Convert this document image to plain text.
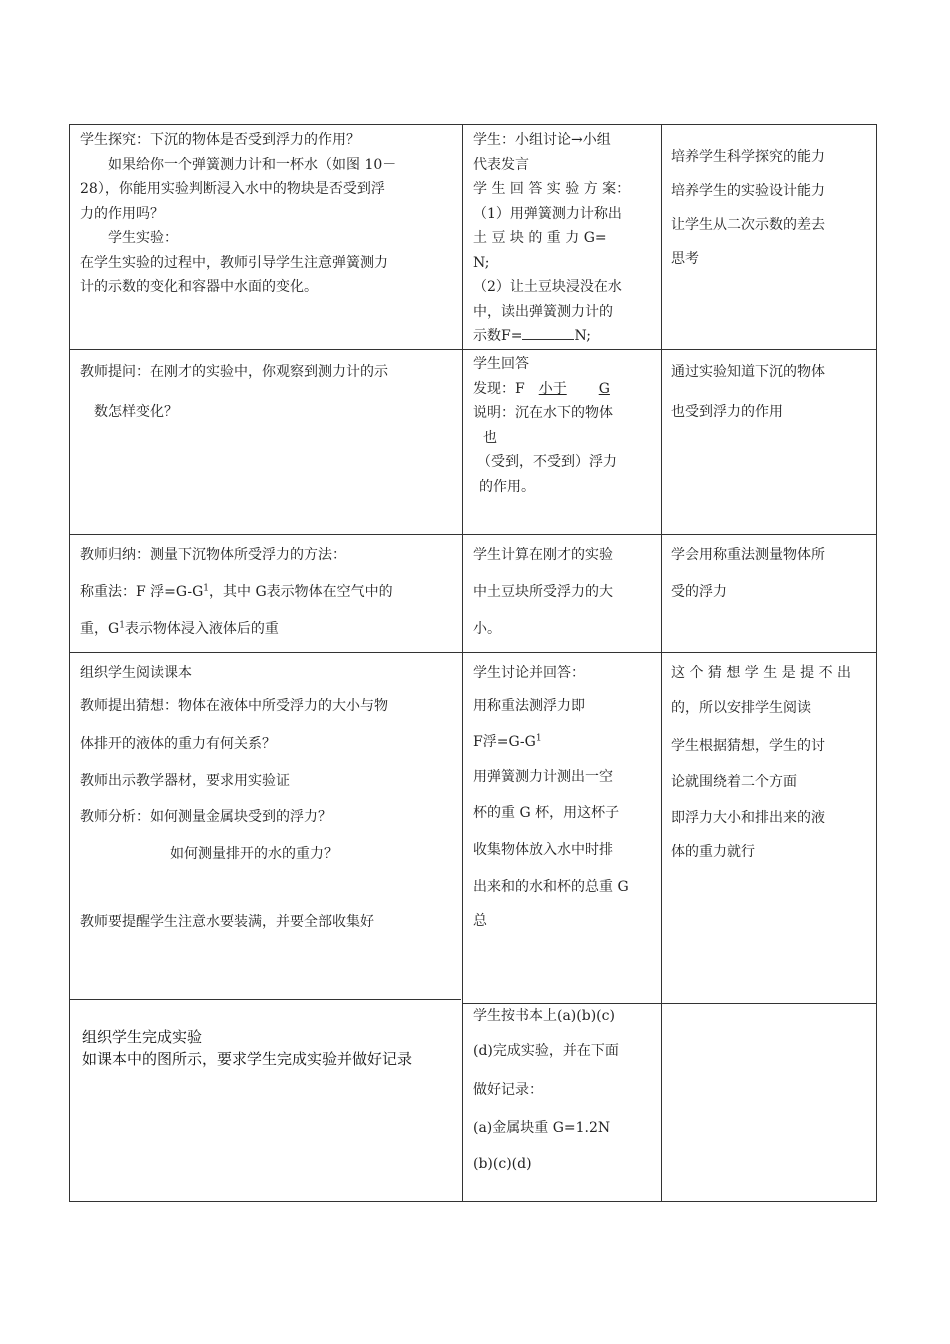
学生探究：下沉的物体是否受到浮力的作用？

如果给你一个弹簧测力计和一杯水（如图 10－

28），你能用实验判断浸入水中的物块是否受到浮

力的作用吗？

学生实验：

在学生实验的过程中，教师引导学生注意弹簧测力

计的示数的变化和容器中水面的变化。

学生：小组讨论→小组

代表发言

学 生 回 答 实 验 方 案：

（1）用弹簧测力计称出

土 豆 块 的 重 力 G=

N;

（2）让土豆块浸没在水

中，读出弹簧测力计的

示数F=	N;

培养学生科学探究的能力

培养学生的实验设计能力

让学生从二次示数的差去

思考

教师提问：在刚才的实验中，你观察到测力计的示

数怎样变化？

学生回答

发现：F 小于 G

说明：沉在水下的物体

也

（受到，不受到）浮力

的作用。

通过实验知道下沉的物体

也受到浮力的作用

教师归纳：测量下沉物体所受浮力的方法：

称重法：F 浮$=G-G^1$，其中 G表示物体在空气中的

重，$G^1$表示物体浸入液体后的重

学生计算在刚才的实验

中土豆块所受浮力的大

小。

学会用称重法测量物体所

受的浮力

组织学生阅读课本

教师提出猜想：物体在液体中所受浮力的大小与物

体排开的液体的重力有何关系？

教师出示教学器材，要求用实验证

教师分析：如何测量金属块受到的浮力？

如何测量排开的水的重力？

教师要提醒学生注意水要装满，并要全部收集好

学生讨论并回答：

用称重法测浮力即

F浮$=G-G^1$

用弹簧测力计测出一空

杯的重 G 杯，用这杯子

收集物体放入水中时排

出来和的水和杯的总重 G

总

这 个 猜 想 学 生 是 提 不 出

的，所以安排学生阅读

学生根据猜想，学生的讨

论就围绕着二个方面

即浮力大小和排出来的液

体的重力就行

组织学生完成实验

如课本中的图所示，要求学生完成实验并做好记录

学生按书本上(a)(b)(c)

(d)完成实验，并在下面

做好记录：

(a)金属块重 G=1.2N

(b)(c)(d)
